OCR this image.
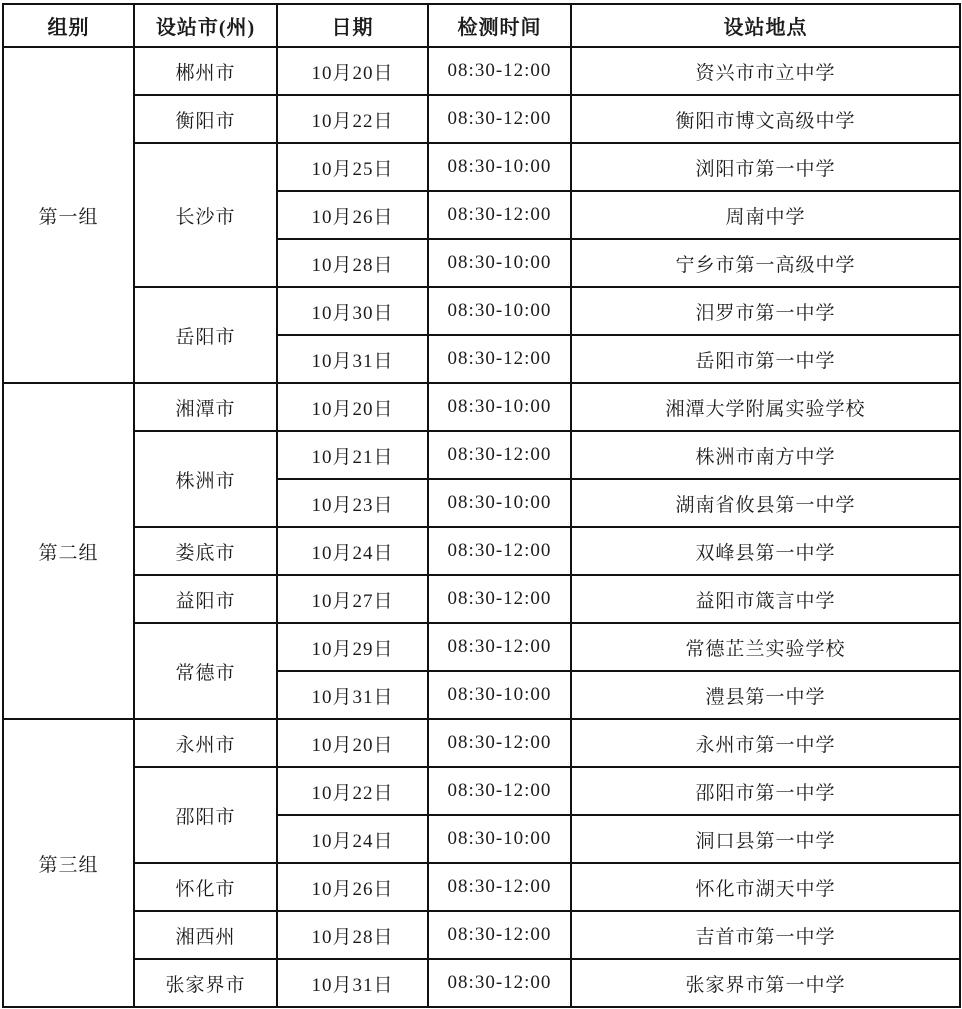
组别	设站市(州)	日期	检测时间	设站地点
第一组	郴州市	10月20日	08:30-12:00	资兴市市立中学
	衡阳市	10月22日	08:30-12:00	衡阳市博文高级中学
	长沙市	10月25日	08:30-10:00	浏阳市第一中学
		10月26日	08:30-12:00	周南中学
		10月28日	08:30-10:00	宁乡市第一高级中学
	岳阳市	10月30日	08:30-10:00	汨罗市第一中学
		10月31日	08:30-12:00	岳阳市第一中学
第二组	湘潭市	10月20日	08:30-10:00	湘潭大学附属实验学校
	株洲市	10月21日	08:30-12:00	株洲市南方中学
		10月23日	08:30-10:00	湖南省攸县第一中学
	娄底市	10月24日	08:30-12:00	双峰县第一中学
	益阳市	10月27日	08:30-12:00	益阳市箴言中学
	常德市	10月29日	08:30-12:00	常德芷兰实验学校
		10月31日	08:30-10:00	澧县第一中学
第三组	永州市	10月20日	08:30-12:00	永州市第一中学
	邵阳市	10月22日	08:30-12:00	邵阳市第一中学
		10月24日	08:30-10:00	洞口县第一中学
	怀化市	10月26日	08:30-12:00	怀化市湖天中学
	湘西州	10月28日	08:30-12:00	吉首市第一中学
	张家界市	10月31日	08:30-12:00	张家界市第一中学
